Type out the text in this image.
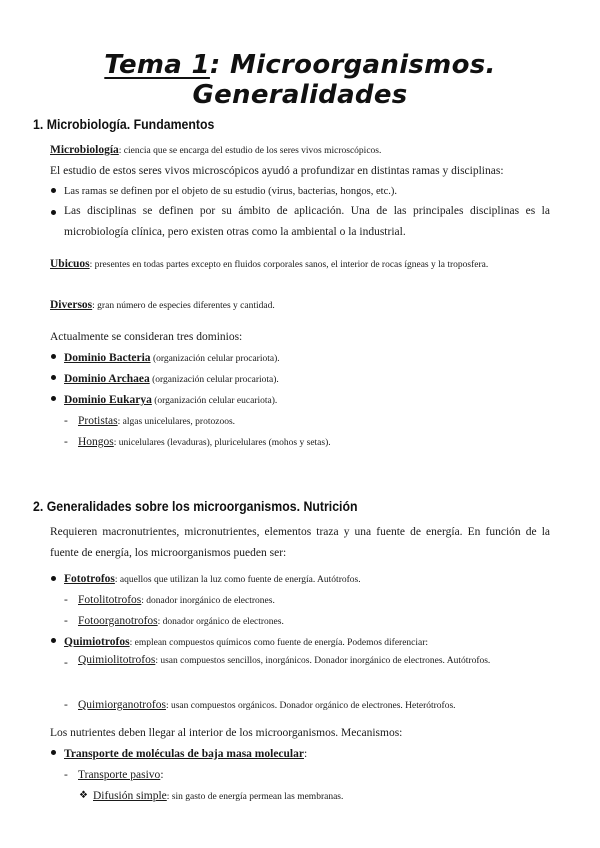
Tema 1: Microorganismos. Generalidades
1. Microbiología. Fundamentos
Microbiología: ciencia que se encarga del estudio de los seres vivos microscópicos.
El estudio de estos seres vivos microscópicos ayudó a profundizar en distintas ramas y disciplinas:
Las ramas se definen por el objeto de su estudio (virus, bacterias, hongos, etc.).
Las disciplinas se definen por su ámbito de aplicación. Una de las principales disciplinas es la microbiología clínica, pero existen otras como la ambiental o la industrial.
Ubicuos: presentes en todas partes excepto en fluidos corporales sanos, el interior de rocas ígneas y la troposfera.
Diversos: gran número de especies diferentes y cantidad.
Actualmente se consideran tres dominios:
Dominio Bacteria (organización celular procariota).
Dominio Archaea (organización celular procariota).
Dominio Eukarya (organización celular eucariota).
- Protistas: algas unicelulares, protozoos.
- Hongos: unicelulares (levaduras), pluricelulares (mohos y setas).
2. Generalidades sobre los microorganismos. Nutrición
Requieren macronutrientes, micronutrientes, elementos traza y una fuente de energía. En función de la fuente de energía, los microorganismos pueden ser:
Fototrofos: aquellos que utilizan la luz como fuente de energía. Autótrofos.
- Fotolitotrofos: donador inorgánico de electrones.
- Fotoorganotrofos: donador orgánico de electrones.
Quimiotrofos: emplean compuestos químicos como fuente de energía. Podemos diferenciar:
- Quimiolitotrofos: usan compuestos sencillos, inorgánicos. Donador inorgánico de electrones. Autótrofos.
- Quimiorganotrofos: usan compuestos orgánicos. Donador orgánico de electrones. Heterótrofos.
Los nutrientes deben llegar al interior de los microorganismos. Mecanismos:
Transporte de moléculas de baja masa molecular:
- Transporte pasivo:
❖ Difusión simple: sin gasto de energía permean las membranas.
